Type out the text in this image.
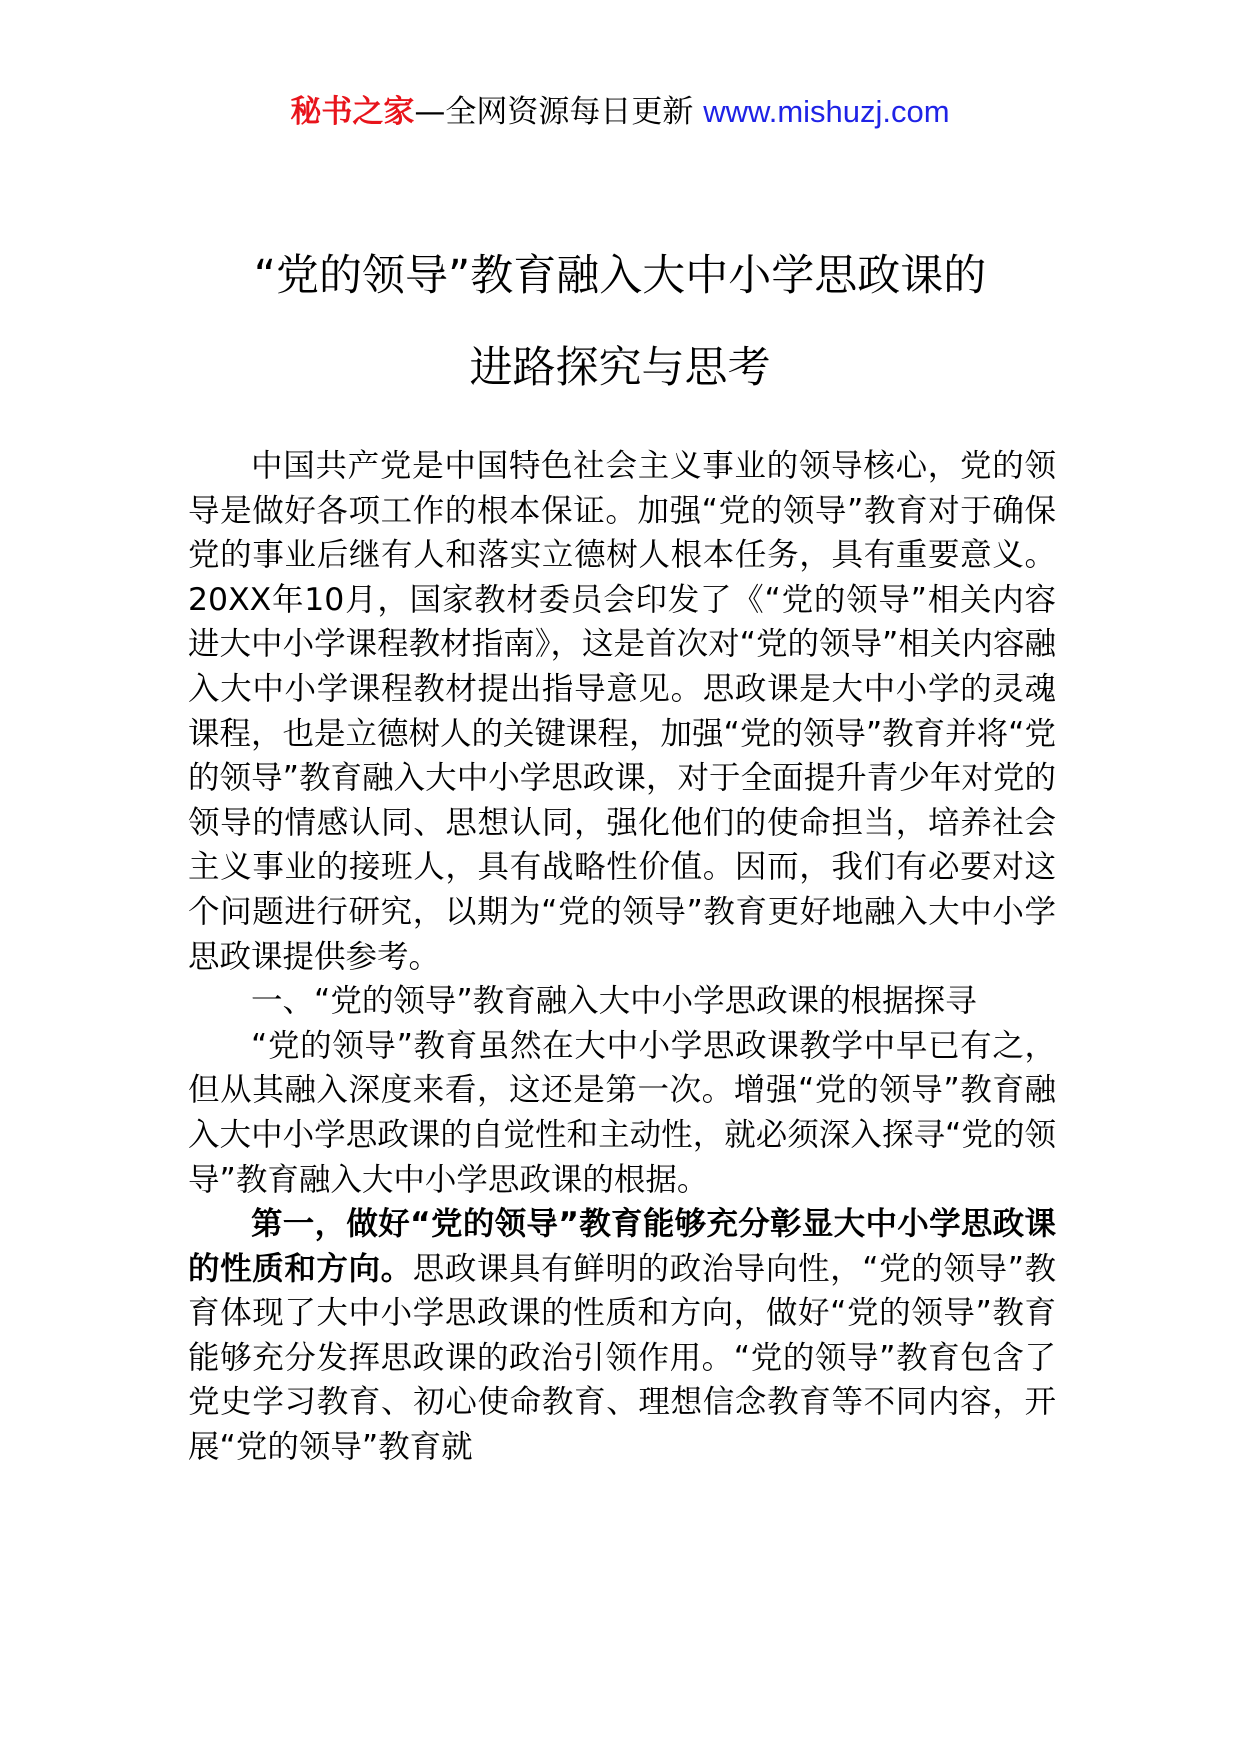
秘书之家—全网资源每日更新 www.mishuzj.com
“党的领导”教育融入大中小学思政课的
进路探究与思考

中国共产党是中国特色社会主义事业的领导核心，党的领导是做好各项工作的根本保证。加强“党的领导”教育对于确保党的事业后继有人和落实立德树人根本任务，具有重要意义。20XX年10月，国家教材委员会印发了《“党的领导”相关内容进大中小学课程教材指南》，这是首次对“党的领导”相关内容融入大中小学课程教材提出指导意见。思政课是大中小学的灵魂课程，也是立德树人的关键课程，加强“党的领导”教育并将“党的领导”教育融入大中小学思政课，对于全面提升青少年对党的领导的情感认同、思想认同，强化他们的使命担当，培养社会主义事业的接班人，具有战略性价值。因而，我们有必要对这个问题进行研究，以期为“党的领导”教育更好地融入大中小学思政课提供参考。

一、“党的领导”教育融入大中小学思政课的根据探寻

“党的领导”教育虽然在大中小学思政课教学中早已有之，但从其融入深度来看，这还是第一次。增强“党的领导”教育融入大中小学思政课的自觉性和主动性，就必须深入探寻“党的领导”教育融入大中小学思政课的根据。

第一，做好“党的领导”教育能够充分彰显大中小学思政课的性质和方向。思政课具有鲜明的政治导向性，“党的领导”教育体现了大中小学思政课的性质和方向，做好“党的领导”教育能够充分发挥思政课的政治引领作用。“党的领导”教育包含了党史学习教育、初心使命教育、理想信念教育等不同内容，开展“党的领导”教育就
